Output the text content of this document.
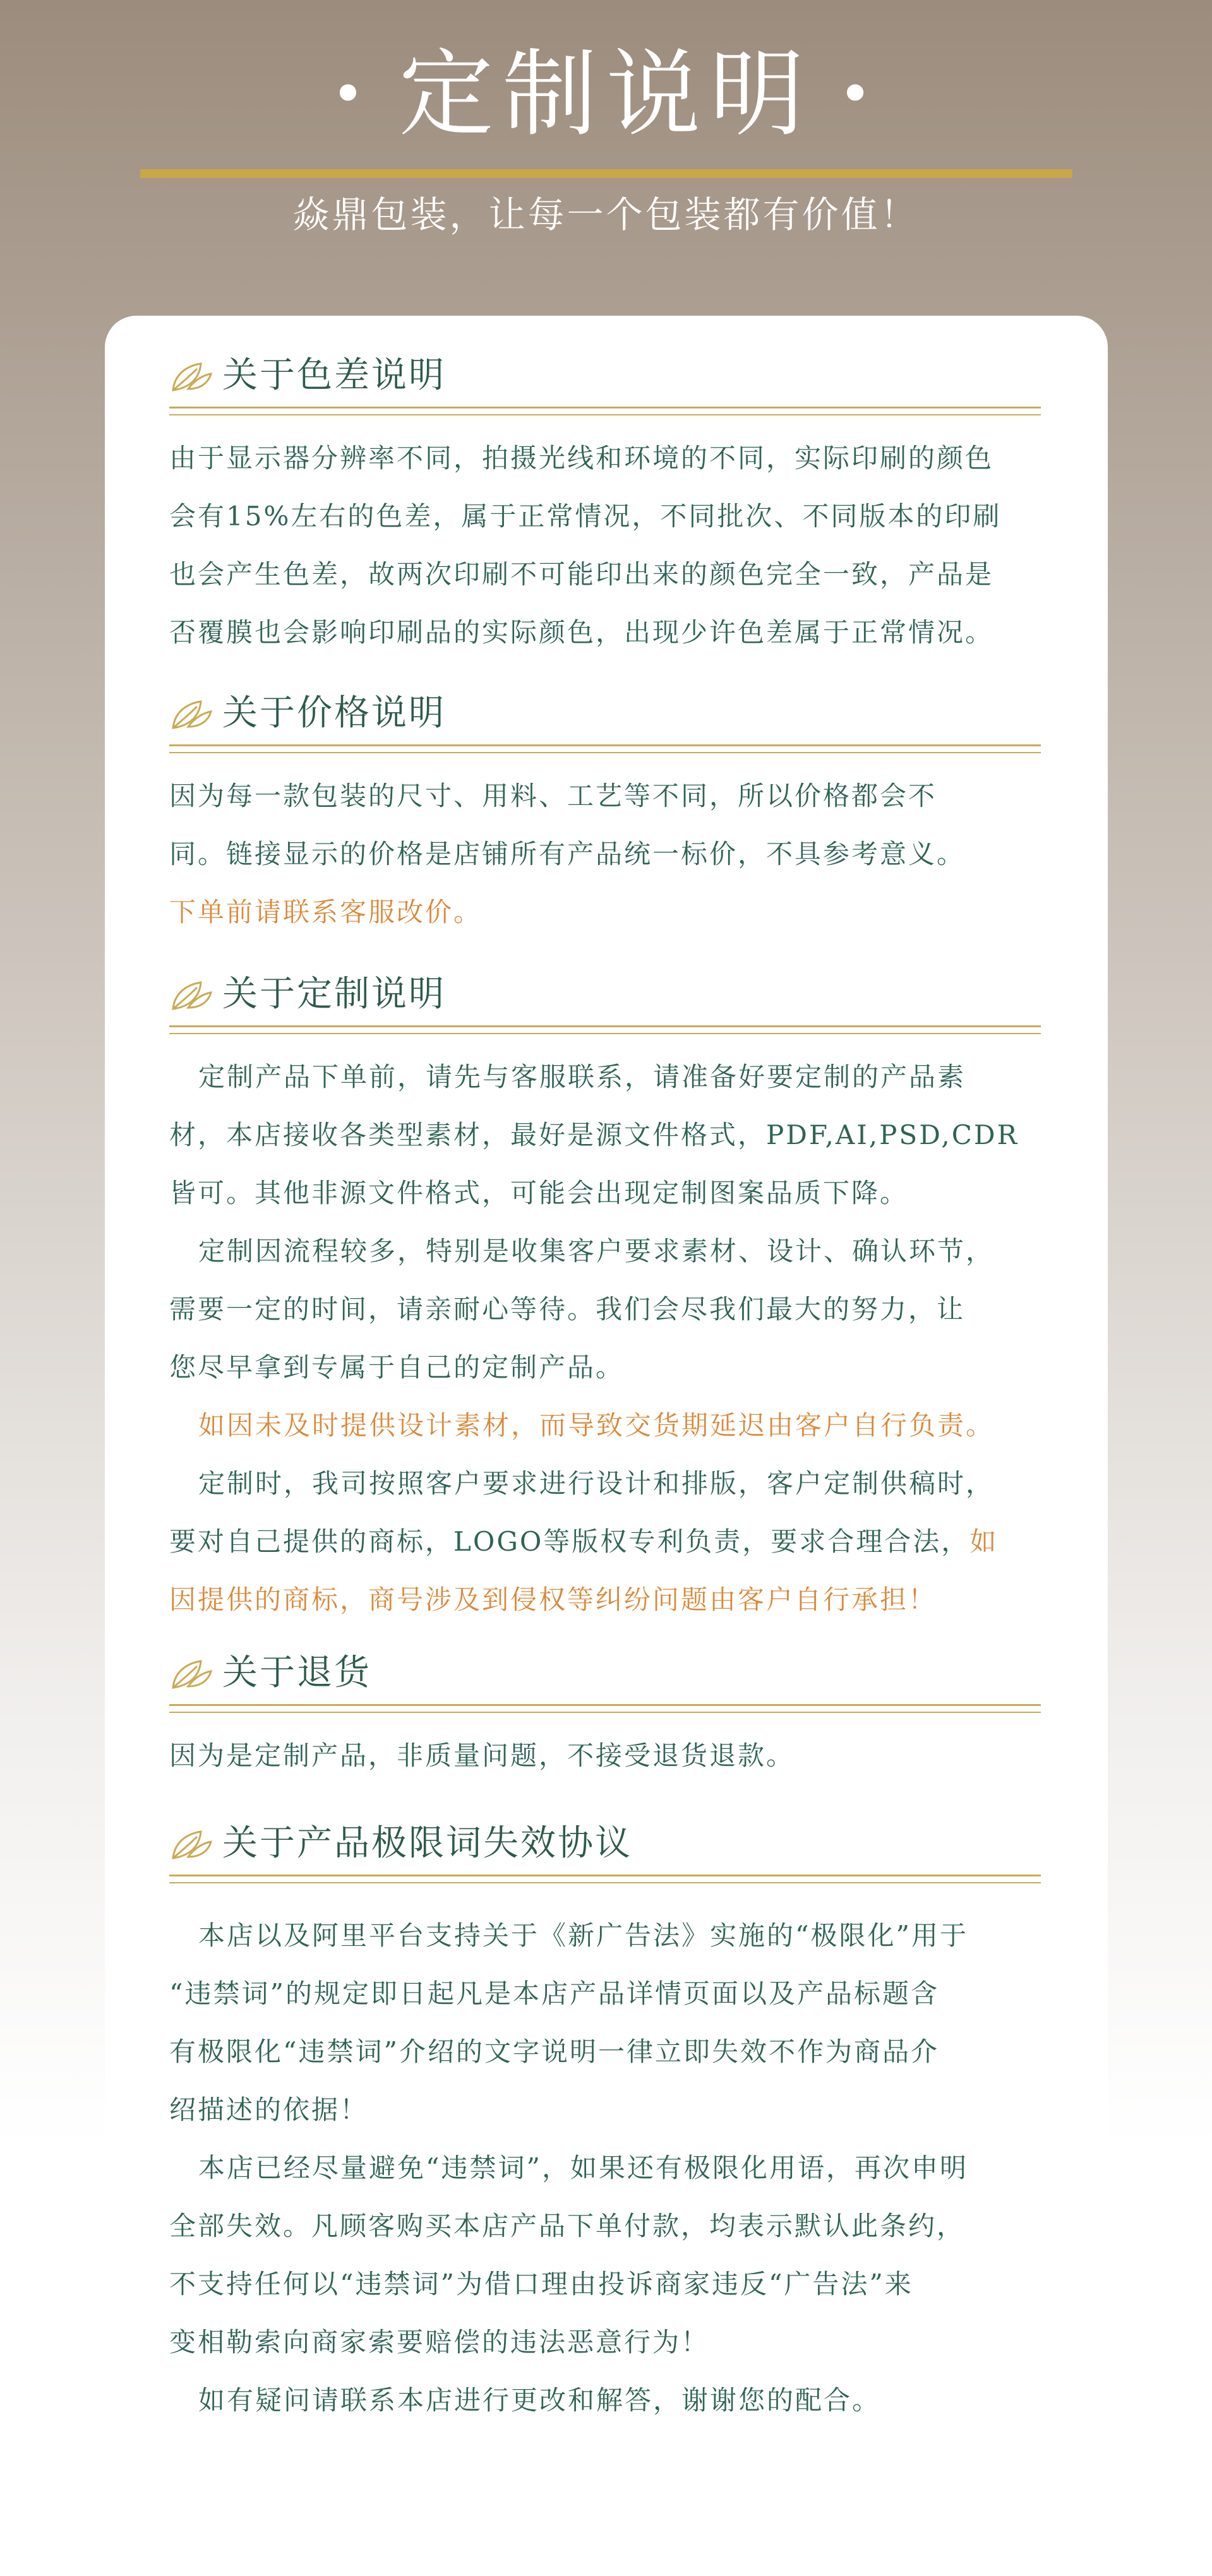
• 定制说明 •
焱鼎包装，让每一个包装都有价值！
关于色差说明
由于显示器分辨率不同，拍摄光线和环境的不同，实际印刷的颜色
会有15%左右的色差，属于正常情况，不同批次、不同版本的印刷
也会产生色差，故两次印刷不可能印出来的颜色完全一致，产品是
否覆膜也会影响印刷品的实际颜色，出现少许色差属于正常情况。
关于价格说明
因为每一款包装的尺寸、用料、工艺等不同，所以价格都会不
同。链接显示的价格是店铺所有产品统一标价，不具参考意义。
下单前请联系客服改价。
关于定制说明
定制产品下单前，请先与客服联系，请准备好要定制的产品素
材，本店接收各类型素材，最好是源文件格式，PDF,AI,PSD,CDR
皆可。其他非源文件格式，可能会出现定制图案品质下降。
定制因流程较多，特别是收集客户要求素材、设计、确认环节，
需要一定的时间，请亲耐心等待。我们会尽我们最大的努力，让
您尽早拿到专属于自己的定制产品。
如因未及时提供设计素材，而导致交货期延迟由客户自行负责。
定制时，我司按照客户要求进行设计和排版，客户定制供稿时，
要对自己提供的商标，LOGO等版权专利负责，要求合理合法，如
因提供的商标，商号涉及到侵权等纠纷问题由客户自行承担！
关于退货
因为是定制产品，非质量问题，不接受退货退款。
关于产品极限词失效协议
本店以及阿里平台支持关于《新广告法》实施的“极限化”用于
“违禁词”的规定即日起凡是本店产品详情页面以及产品标题含
有极限化“违禁词”介绍的文字说明一律立即失效不作为商品介
绍描述的依据！
本店已经尽量避免“违禁词”，如果还有极限化用语，再次申明
全部失效。凡顾客购买本店产品下单付款，均表示默认此条约，
不支持任何以“违禁词”为借口理由投诉商家违反“广告法”来
变相勒索向商家索要赔偿的违法恶意行为！
如有疑问请联系本店进行更改和解答，谢谢您的配合。
